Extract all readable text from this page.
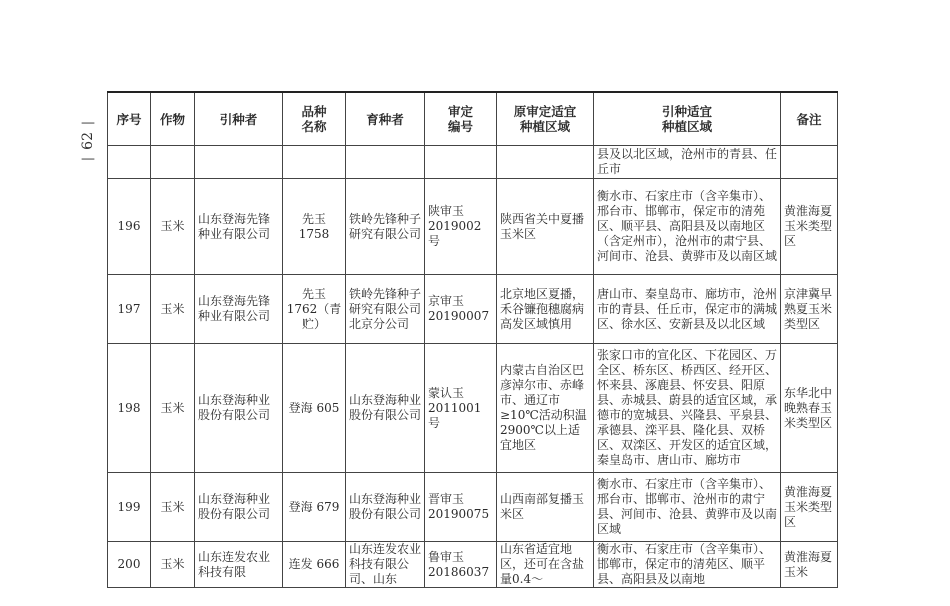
—
62
—
序号	作物	引种者	品种名称	育种者	审定编号	原审定适宜种植区域	引种适宜种植区域	备注
							县及以北区域，沧州市的青县、任丘市	
196	玉米	山东登海先锋种业有限公司	先玉 1758	铁岭先锋种子研究有限公司	陕审玉2019002号	陕西省关中夏播玉米区	衡水市、石家庄市（含辛集市）、邢台市、邯郸市，保定市的清苑区、顺平县、高阳县及以南地区（含定州市），沧州市的肃宁县、河间市、沧县、黄骅市及以南区域	黄淮海夏玉米类型区
197	玉米	山东登海先锋种业有限公司	先玉 1762（青贮）	铁岭先锋种子研究有限公司北京分公司	京审玉20190007	北京地区夏播，禾谷镰孢穗腐病高发区域慎用	唐山市、秦皇岛市、廊坊市，沧州市的青县、任丘市，保定市的满城区、徐水区、安新县及以北区域	京津冀早熟夏玉米类型区
198	玉米	山东登海种业股份有限公司	登海 605	山东登海种业股份有限公司	蒙认玉2011001号	内蒙古自治区巴彦淖尔市、赤峰市、通辽市≥10℃活动积温2900℃以上适宜地区	张家口市的宣化区、下花园区、万全区、桥东区、桥西区、经开区、怀来县、涿鹿县、怀安县、阳原县、赤城县、蔚县的适宜区域，承德市的宽城县、兴隆县、平泉县、承德县、滦平县、隆化县、双桥区、双滦区、开发区的适宜区域，秦皇岛市、唐山市、廊坊市	东华北中晚熟春玉米类型区
199	玉米	山东登海种业股份有限公司	登海 679	山东登海种业股份有限公司	晋审玉20190075	山西南部复播玉米区	衡水市、石家庄市（含辛集市）、邢台市、邯郸市、沧州市的肃宁县、河间市、沧县、黄骅市及以南区域	黄淮海夏玉米类型区
200	玉米	山东连发农业科技有限	连发 666	山东连发农业科技有限公司、山东	鲁审玉20186037	山东省适宜地区，还可在含盐量0.4～	衡水市、石家庄市（含辛集市）、邯郸市，保定市的清苑区、顺平县、高阳县及以南地	黄淮海夏玉米
